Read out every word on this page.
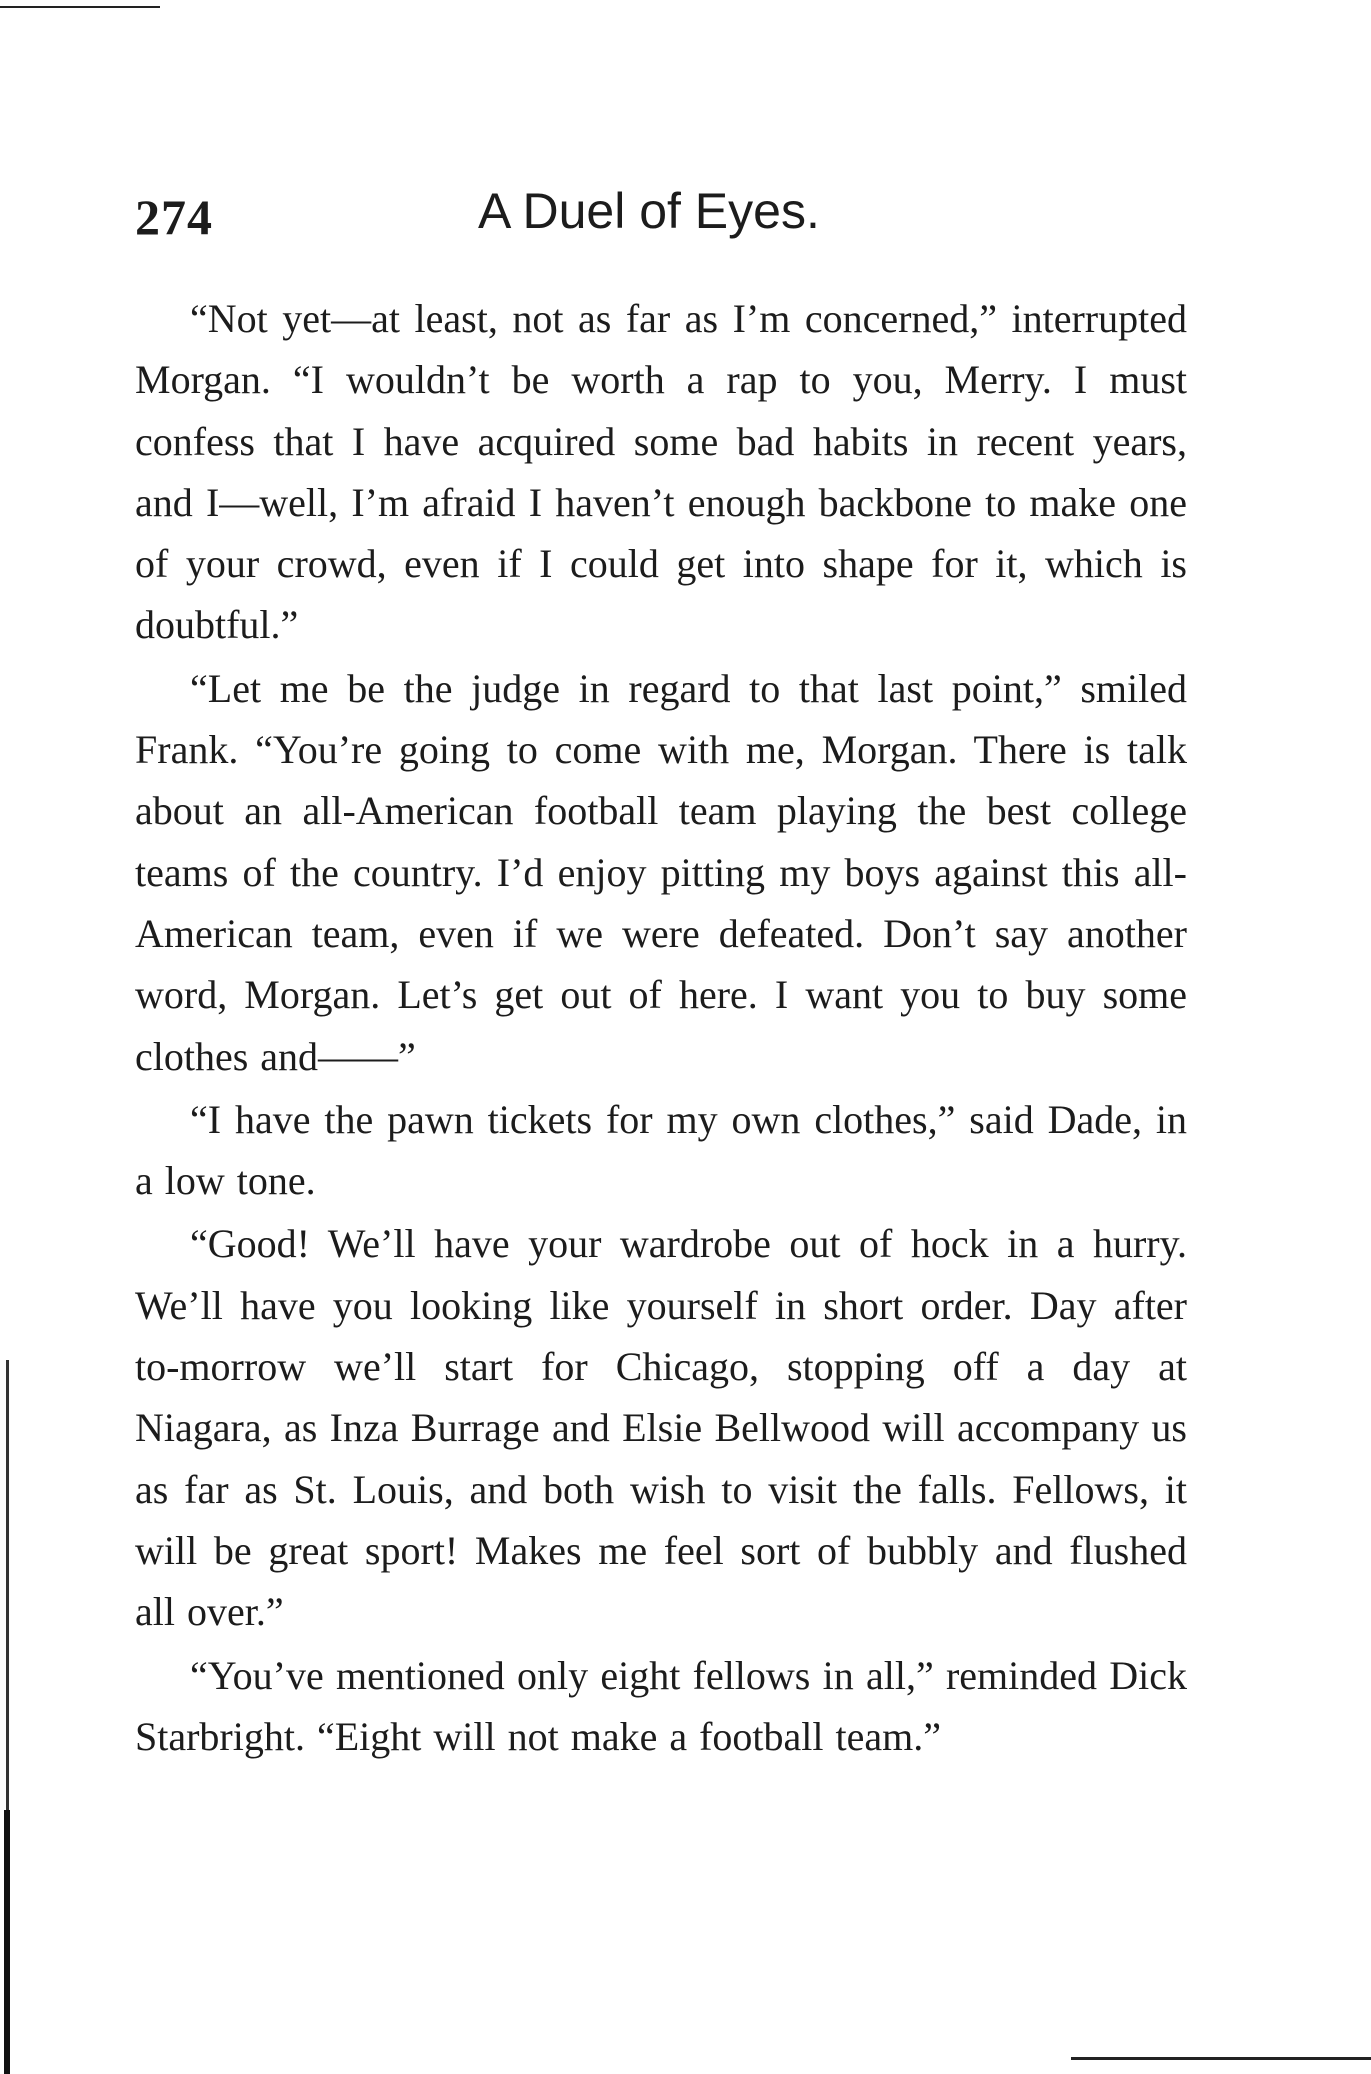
274	A Duel of Eyes.

“Not yet—at least, not as far as I’m concerned,” interrupted Morgan. “I wouldn’t be worth a rap to you, Merry. I must confess that I have acquired some bad habits in recent years, and I—well, I’m afraid I haven’t enough backbone to make one of your crowd, even if I could get into shape for it, which is doubtful.”

“Let me be the judge in regard to that last point,” smiled Frank. “You’re going to come with me, Morgan. There is talk about an all-American football team playing the best college teams of the country. I’d enjoy pitting my boys against this all-American team, even if we were defeated. Don’t say another word, Morgan. Let’s get out of here. I want you to buy some clothes and——”

“I have the pawn tickets for my own clothes,” said Dade, in a low tone.

“Good! We’ll have your wardrobe out of hock in a hurry. We’ll have you looking like yourself in short order. Day after to-morrow we’ll start for Chicago, stopping off a day at Niagara, as Inza Burrage and Elsie Bellwood will accompany us as far as St. Louis, and both wish to visit the falls. Fellows, it will be great sport! Makes me feel sort of bubbly and flushed all over.”

“You’ve mentioned only eight fellows in all,” reminded Dick Starbright. “Eight will not make a football team.”
